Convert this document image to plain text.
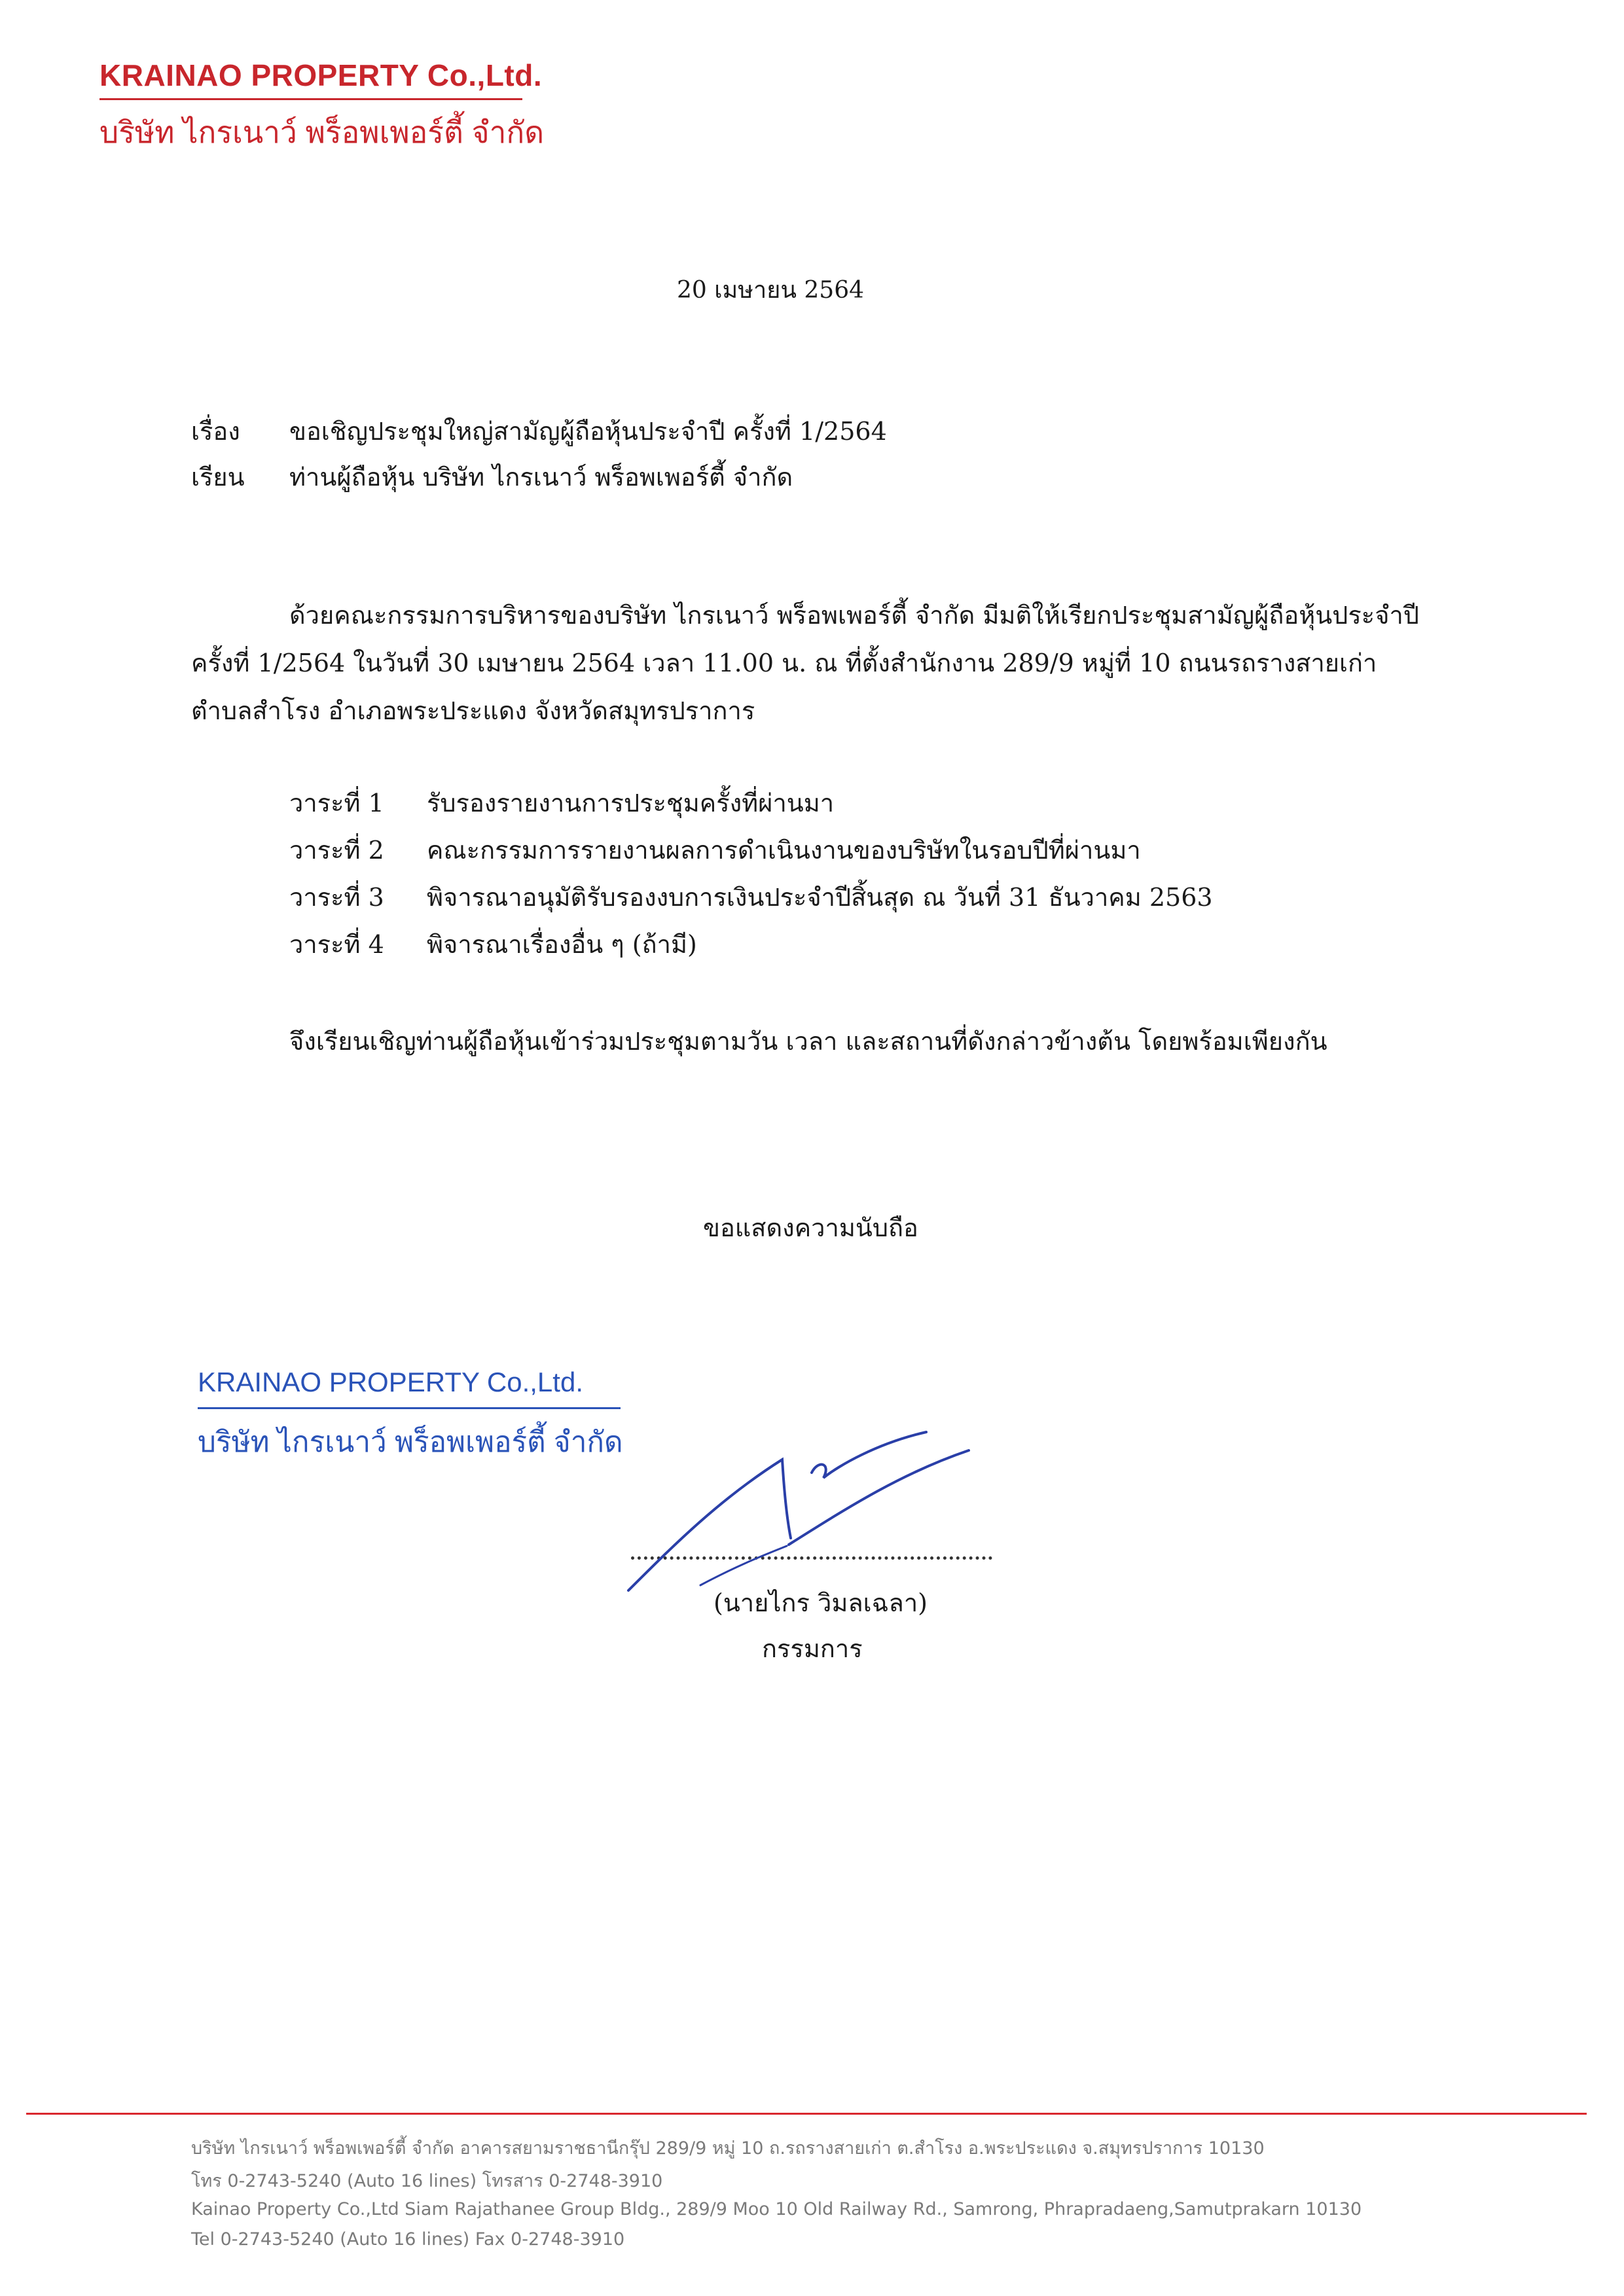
KRAINAO PROPERTY Co.,Ltd.
บริษัท ไกรเนาว์ พร็อพเพอร์ตี้ จำกัด
20 เมษายน 2564
เรื่อง ขอเชิญประชุมใหญ่สามัญผู้ถือหุ้นประจำปี ครั้งที่ 1/2564
เรียน ท่านผู้ถือหุ้น บริษัท ไกรเนาว์ พร็อพเพอร์ตี้ จำกัด
ด้วยคณะกรรมการบริหารของบริษัท ไกรเนาว์ พร็อพเพอร์ตี้ จำกัด มีมติให้เรียกประชุมสามัญผู้ถือหุ้นประจำปี ครั้งที่ 1/2564 ในวันที่ 30 เมษายน 2564 เวลา 11.00 น. ณ ที่ตั้งสำนักงาน 289/9 หมู่ที่ 10 ถนนรถรางสายเก่า ตำบลสำโรง อำเภอพระประแดง จังหวัดสมุทรปราการ
วาระที่ 1	รับรองรายงานการประชุมครั้งที่ผ่านมา
วาระที่ 2	คณะกรรมการรายงานผลการดำเนินงานของบริษัทในรอบปีที่ผ่านมา
วาระที่ 3	พิจารณาอนุมัติรับรองงบการเงินประจำปีสิ้นสุด ณ วันที่ 31 ธันวาคม 2563
วาระที่ 4	พิจารณาเรื่องอื่น ๆ (ถ้ามี)
จึงเรียนเชิญท่านผู้ถือหุ้นเข้าร่วมประชุมตามวัน เวลา และสถานที่ดังกล่าวข้างต้น โดยพร้อมเพียงกัน
ขอแสดงความนับถือ
KRAINAO PROPERTY Co.,Ltd.
บริษัท ไกรเนาว์ พร็อพเพอร์ตี้ จำกัด
(นายไกร วิมลเฉลา)
กรรมการ
บริษัท ไกรเนาว์ พร็อพเพอร์ตี้ จำกัด อาคารสยามราชธานีกรุ๊ป 289/9 หมู่ 10 ถ.รถรางสายเก่า ต.สำโรง อ.พระประแดง จ.สมุทรปราการ 10130
โทร 0-2743-5240 (Auto 16 lines) โทรสาร 0-2748-3910
Kainao Property Co.,Ltd Siam Rajathanee Group Bldg., 289/9 Moo 10 Old Railway Rd., Samrong, Phrapradaeng,Samutprakarn 10130
Tel 0-2743-5240 (Auto 16 lines) Fax 0-2748-3910
